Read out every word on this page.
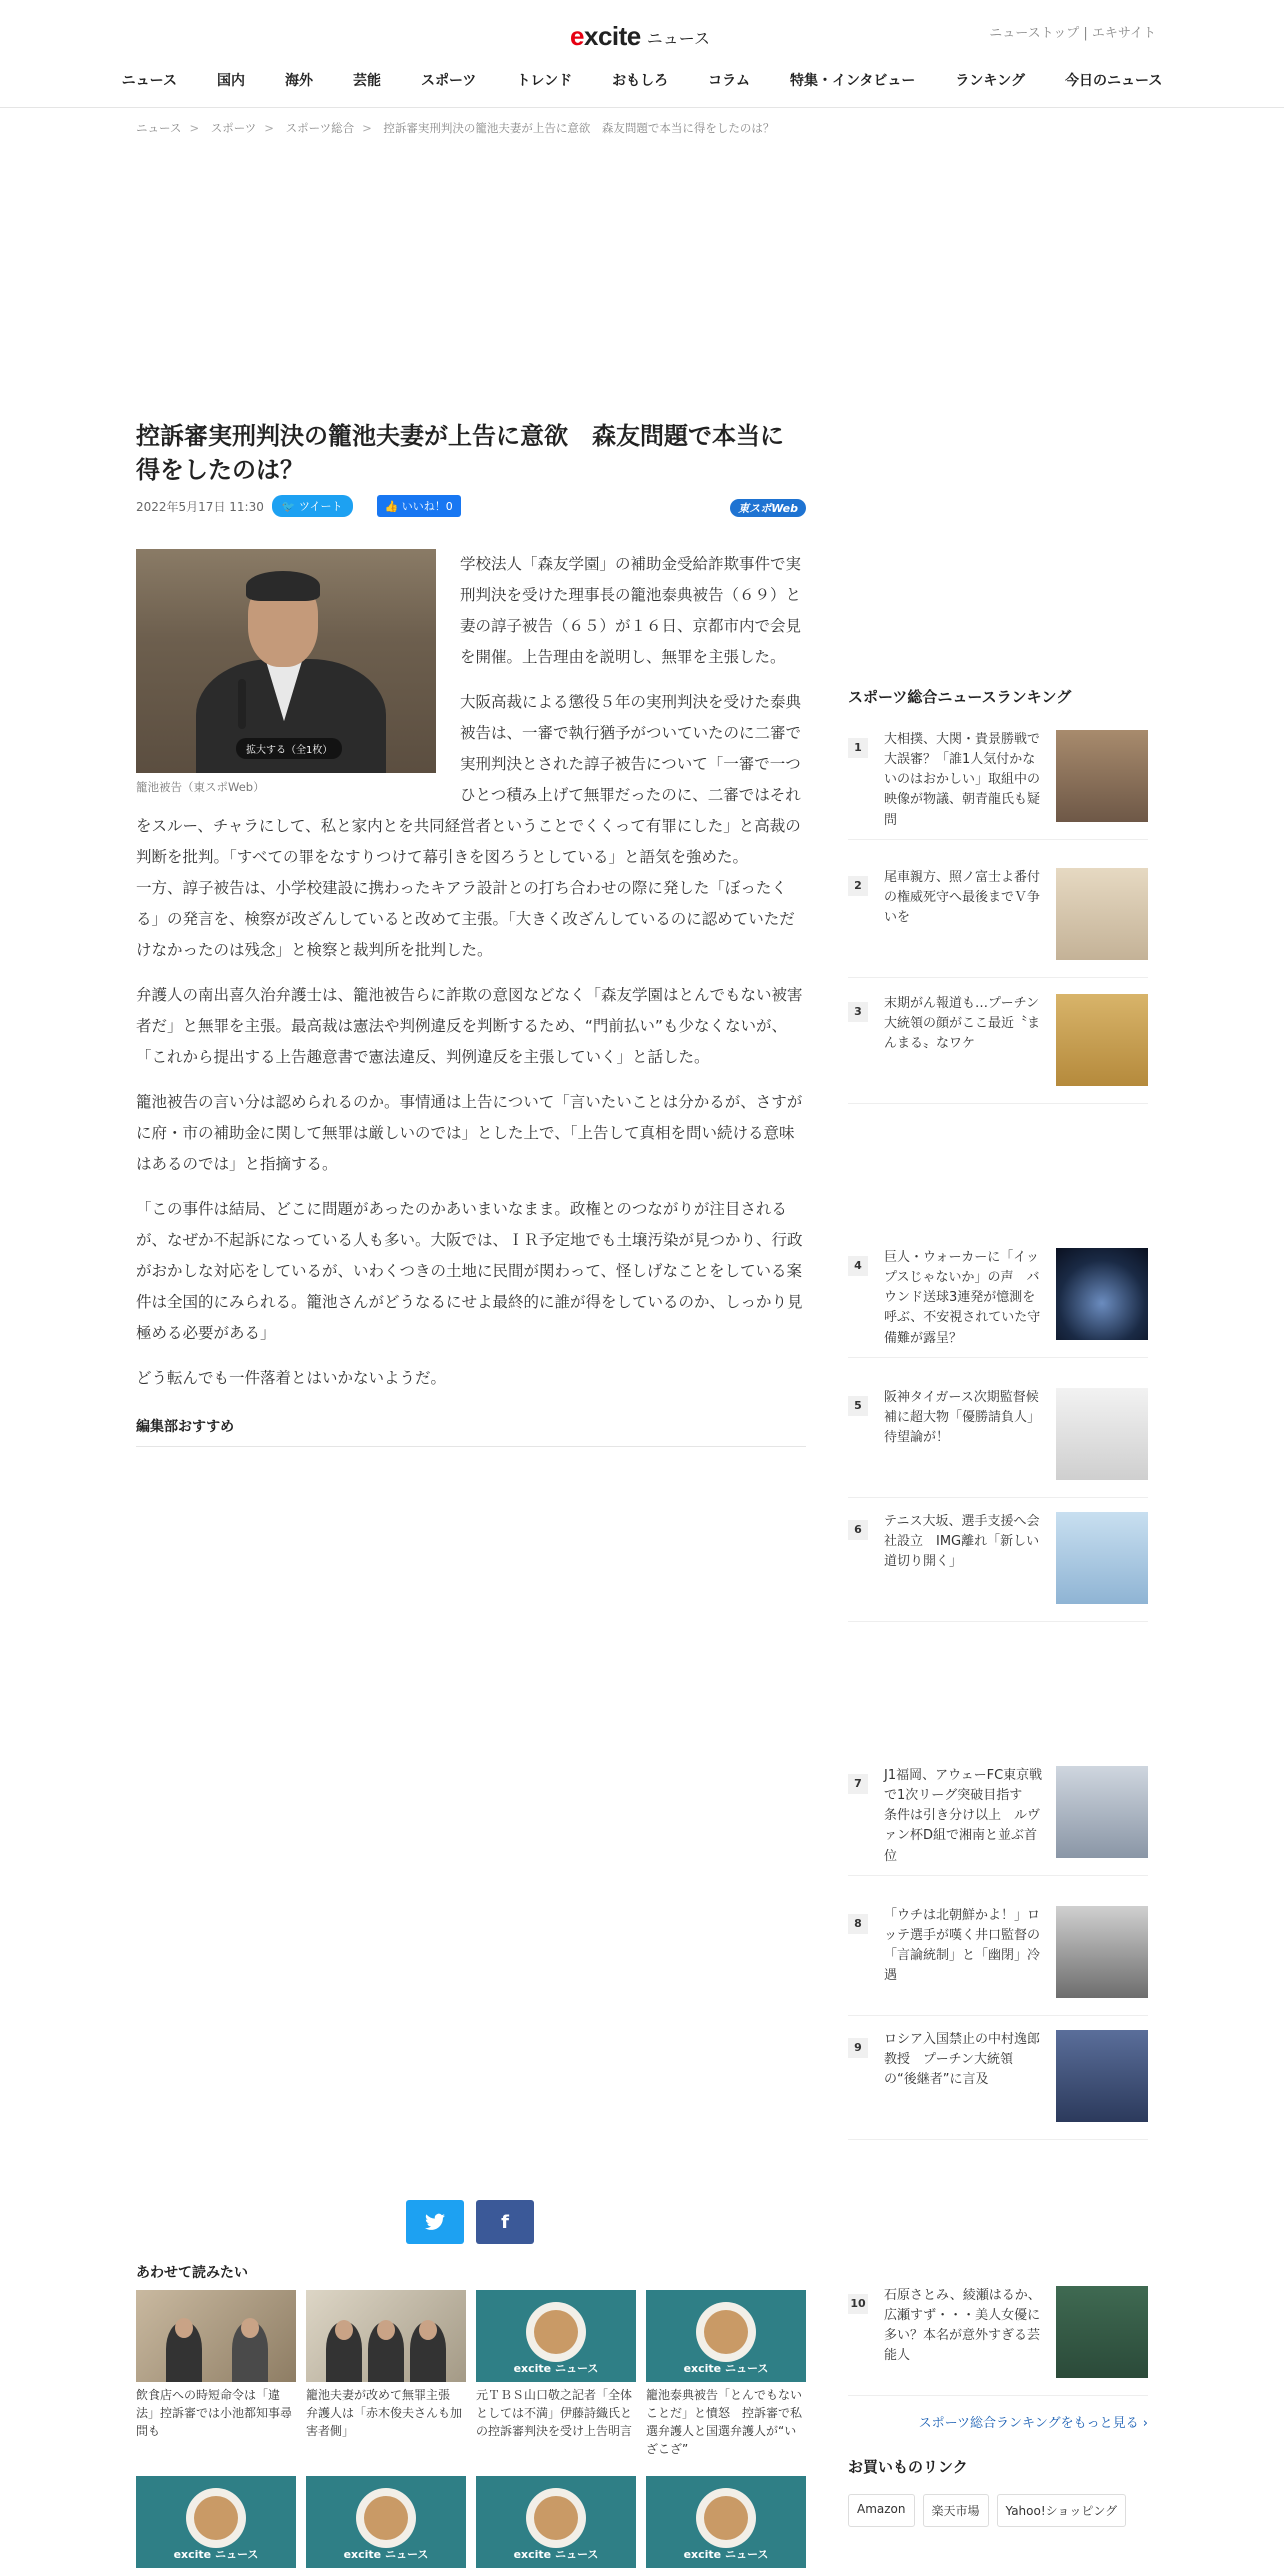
excite ニュース	ニューストップ | エキサイト
ニュース	国内	海外	芸能	スポーツ	トレンド	おもしろ	コラム	特集・インタビュー	ランキング	今日のニュース
ニュース > スポーツ > スポーツ総合 > 控訴審実刑判決の籠池夫妻が上告に意欲　森友問題で本当に得をしたのは？
控訴審実刑判決の籠池夫妻が上告に意欲　森友問題で本当に得をしたのは？
2022年5月17日 11:30	🐦 ツイート	👍 いいね！0	東スポWeb
拡大する（全1枚）
籠池被告（東スポWeb）

学校法人「森友学園」の補助金受給詐欺事件で実刑判決を受けた理事長の籠池泰典被告（６９）と妻の諄子被告（６５）が１６日、京都市内で会見を開催。上告理由を説明し、無罪を主張した。

大阪高裁による懲役５年の実刑判決を受けた泰典被告は、一審で執行猶予がついていたのに二審で実刑判決とされた諄子被告について「一審で一つひとつ積み上げて無罪だったのに、二審ではそれをスルー、チャラにして、私と家内とを共同経営者ということでくくって有罪にした」と高裁の判断を批判。「すべての罪をなすりつけて幕引きを図ろうとしている」と語気を強めた。
一方、諄子被告は、小学校建設に携わったキアラ設計との打ち合わせの際に発した「ぼったくる」の発言を、検察が改ざんしていると改めて主張。「大きく改ざんしているのに認めていただけなかったのは残念」と検察と裁判所を批判した。

弁護人の南出喜久治弁護士は、籠池被告らに詐欺の意図などなく「森友学園はとんでもない被害者だ」と無罪を主張。最高裁は憲法や判例違反を判断するため、“門前払い”も少なくないが、「これから提出する上告趣意書で憲法違反、判例違反を主張していく」と話した。

籠池被告の言い分は認められるのか。事情通は上告について「言いたいことは分かるが、さすがに府・市の補助金に関して無罪は厳しいのでは」とした上で、「上告して真相を問い続ける意味はあるのでは」と指摘する。

「この事件は結局、どこに問題があったのかあいまいなまま。政権とのつながりが注目されるが、なぜか不起訴になっている人も多い。大阪では、ＩＲ予定地でも土壌汚染が見つかり、行政がおかしな対応をしているが、いわくつきの土地に民間が関わって、怪しげなことをしている案件は全国的にみられる。籠池さんがどうなるにせよ最終的に誰が得をしているのか、しっかり見極める必要がある」

どう転んでも一件落着とはいかないようだ。

編集部おすすめ
f
あわせて読みたい
飲食店への時短命令は「違法」控訴審では小池都知事尋問も
籠池夫妻が改めて無罪主張　弁護人は「赤木俊夫さんも加害者側」
excite ニュース
元ＴＢＳ山口敬之記者「全体としては不満」伊藤詩織氏との控訴審判決を受け上告明言
excite ニュース
籠池泰典被告「とんでもないことだ」と憤怒　控訴審で私選弁護人と国選弁護人が“いざこざ”
excite ニュース	excite ニュース	excite ニュース	excite ニュース
スポーツ総合ニュースランキング
1
大相撲、大関・貴景勝戦で大誤審？「誰1人気付かないのはおかしい」取組中の映像が物議、朝青龍氏も疑問
2
尾車親方、照ノ富士よ番付の権威死守へ最後までＶ争いを
3
末期がん報道も…プーチン大統領の顔がここ最近〝まんまる〟なワケ
4
巨人・ウォーカーに「イップスじゃないか」の声　バウンド送球3連発が憶測を呼ぶ、不安視されていた守備難が露呈？
5
阪神タイガース次期監督候補に超大物「優勝請負人」待望論が！
6
テニス大坂、選手支援へ会社設立　IMG離れ「新しい道切り開く」
7
J1福岡、アウェーFC東京戦で1次リーグ突破目指す　条件は引き分け以上　ルヴァン杯D組で湘南と並ぶ首位
8
「ウチは北朝鮮かよ！」ロッテ選手が嘆く井口監督の「言論統制」と「幽閉」冷遇
9
ロシア入国禁止の中村逸郎教授　プーチン大統領の“後継者”に言及
10
石原さとみ、綾瀬はるか、広瀬すず・・・美人女優に多い？本名が意外すぎる芸能人
スポーツ総合ランキングをもっと見る ›
お買いものリンク
Amazon	楽天市場	Yahoo!ショッピング
